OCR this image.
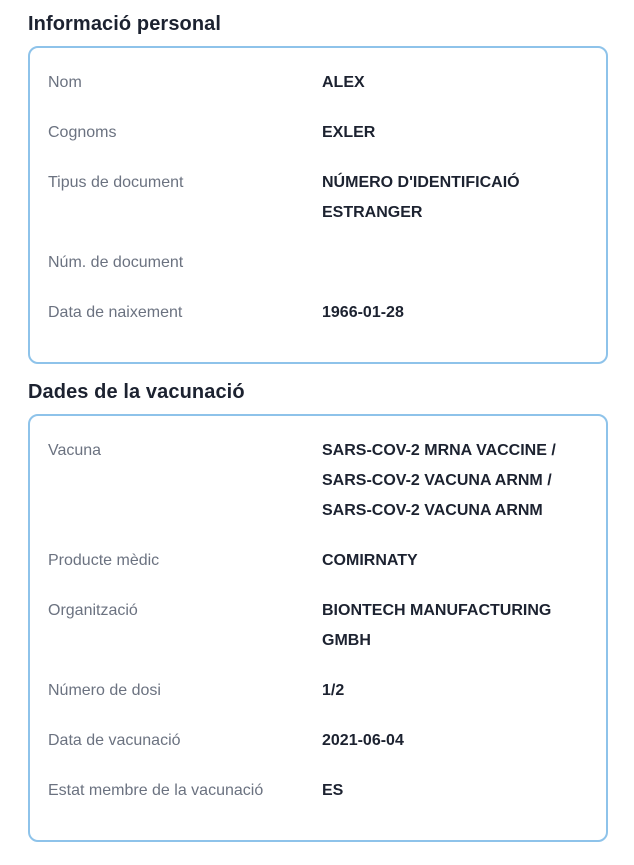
Informació personal
Nom	ALEX
Cognoms	EXLER
Tipus de document	NÚMERO D'IDENTIFICAIÓ ESTRANGER
Núm. de document
Data de naixement	1966-01-28
Dades de la vacunació
Vacuna	SARS-COV-2 MRNA VACCINE / SARS-COV-2 VACUNA ARNM / SARS-COV-2 VACUNA ARNM
Producte mèdic	COMIRNATY
Organització	BIONTECH MANUFACTURING GMBH
Número de dosi	1/2
Data de vacunació	2021-06-04
Estat membre de la vacunació	ES
